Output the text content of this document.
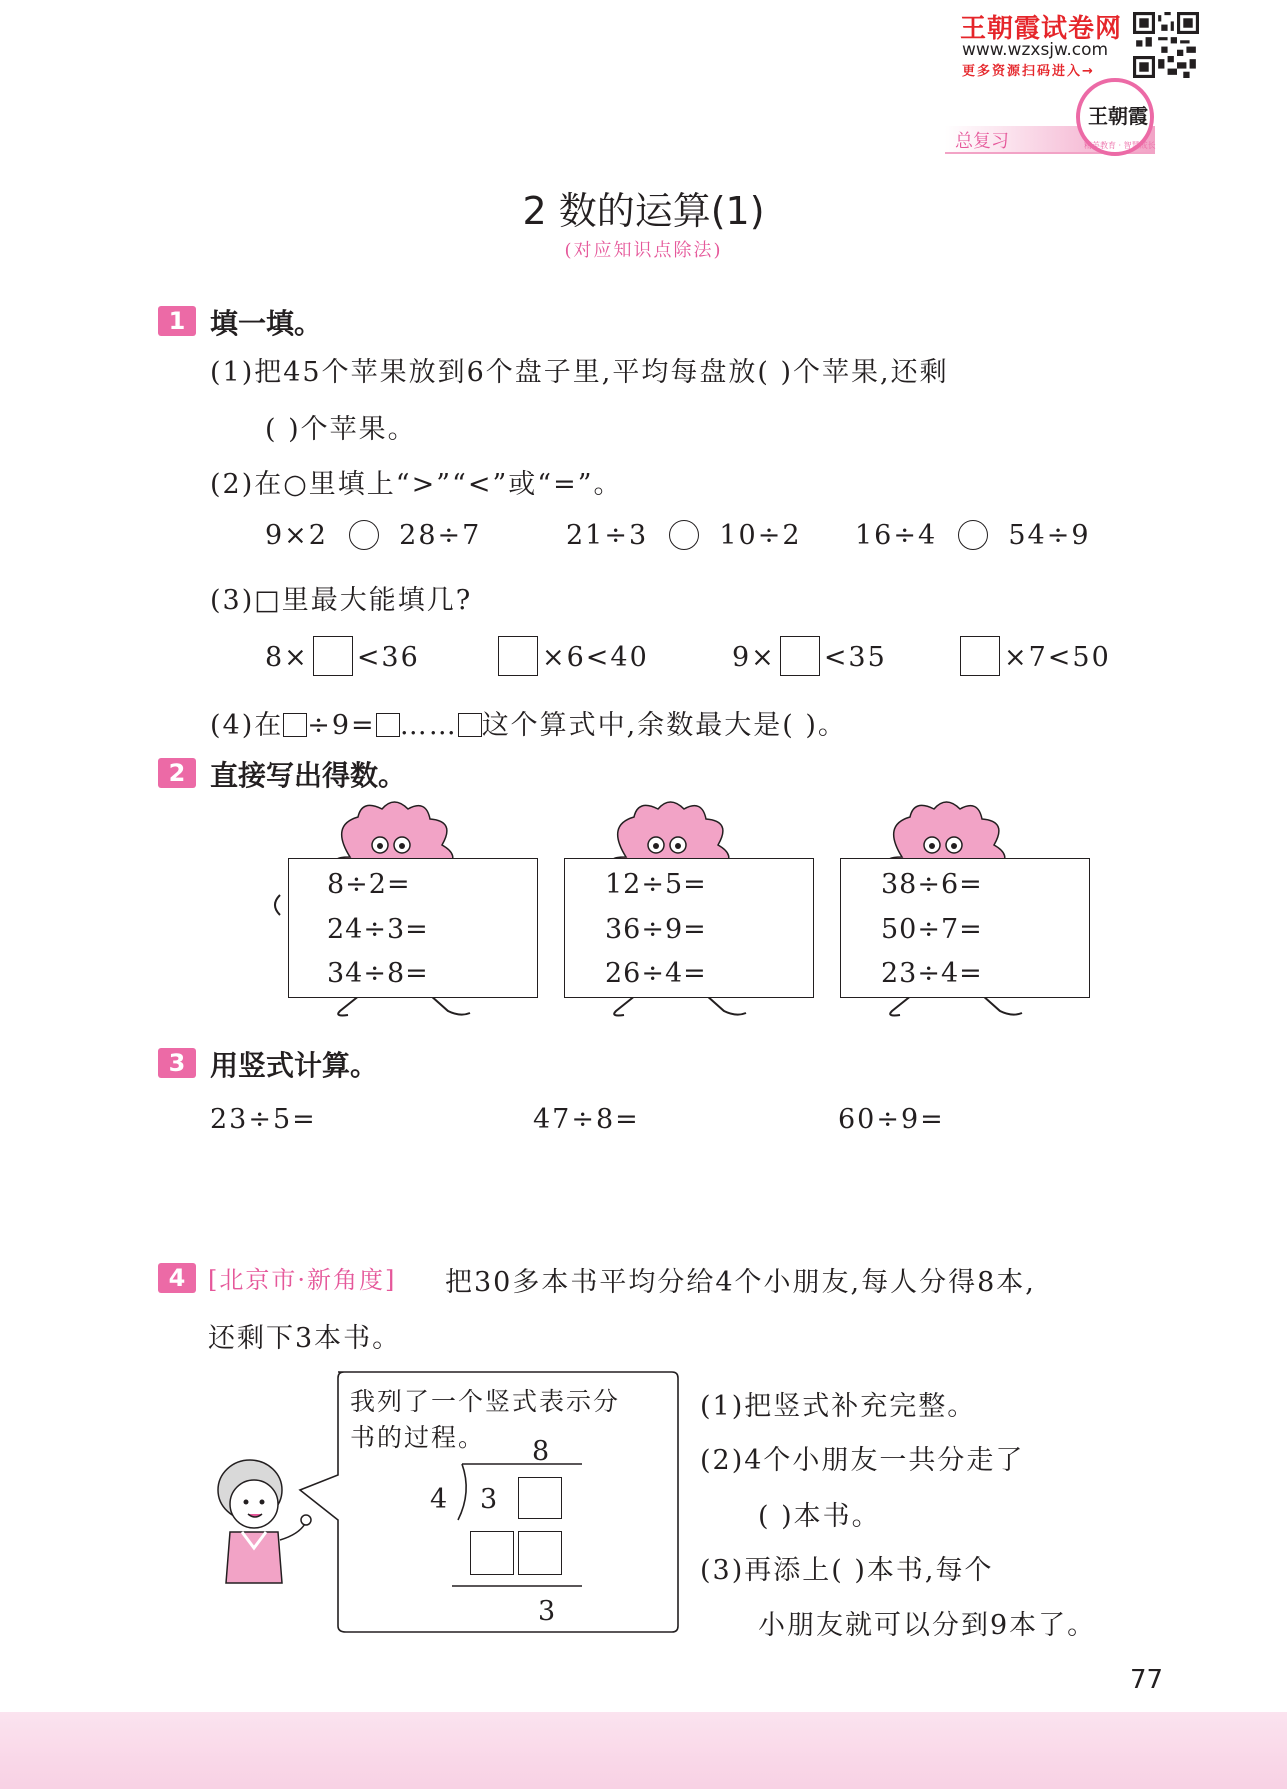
王朝霞试卷网
www.wzxsjw.com
更多资源扫码进入→
总复习
王朝霞
精英教育 · 智慧成长
2 数的运算(1)
(对应知识点除法)
1 填一填。
(1)把45个苹果放到6个盘子里,平均每盘放( )个苹果,还剩
( )个苹果。
(2)在○里填上“>”“<”或“=”。
9×2	28÷7	21÷3	10÷2 16÷4	54÷9
(3)□里最大能填几?
8× <36	×6<40	9× <35	×7<50
(4)在 ÷9= …… 这个算式中,余数最大是( )。
2 直接写出得数。
8÷2=
24÷3=
34÷8=
12÷5=
36÷9=
26÷4=
38÷6=
50÷7=
23÷4=
3 用竖式计算。
23÷5=	47÷8=	60÷9=
4 [北京市·新角度] 把30多本书平均分给4个小朋友,每人分得8本,
还剩下3本书。
我列了一个竖式表示分
书的过程。 8
4 3
3
(1)把竖式补充完整。
(2)4个小朋友一共分走了
( )本书。
(3)再添上( )本书,每个
小朋友就可以分到9本了。
77
